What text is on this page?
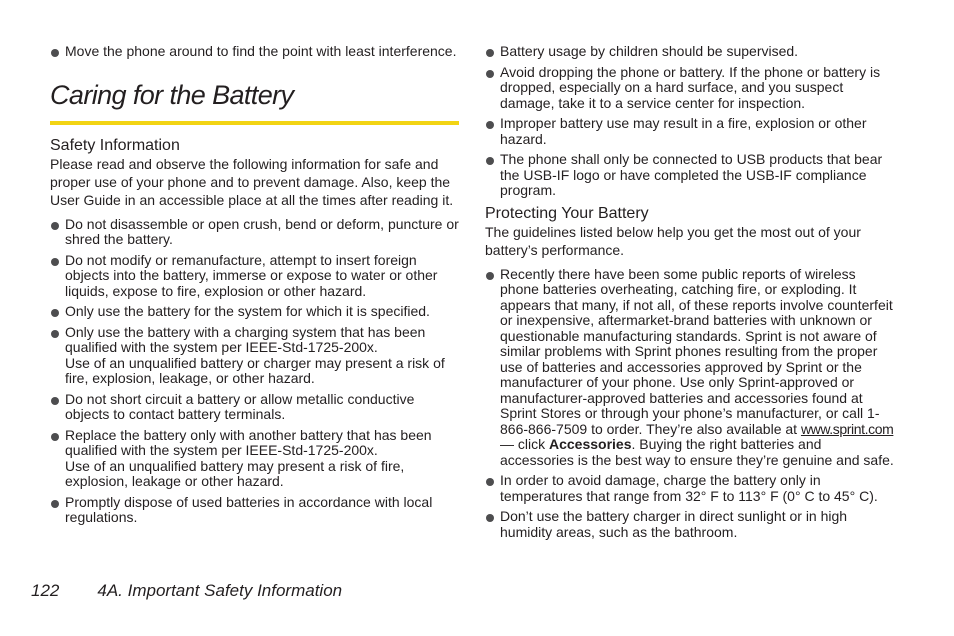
Move the phone around to find the point with least interference.
Caring for the Battery
Safety Information

Please read and observe the following information for safe and proper use of your phone and to prevent damage. Also, keep the User Guide in an accessible place at all the times after reading it.

Do not disassemble or open crush, bend or deform, puncture or shred the battery.
Do not modify or remanufacture, attempt to insert foreign objects into the battery, immerse or expose to water or other liquids, expose to fire, explosion or other hazard.
Only use the battery for the system for which it is specified.
Only use the battery with a charging system that has been qualified with the system per IEEE-Std-1725-200x.
Use of an unqualified battery or charger may present a risk of fire, explosion, leakage, or other hazard.
Do not short circuit a battery or allow metallic conductive objects to contact battery terminals.
Replace the battery only with another battery that has been qualified with the system per IEEE-Std-1725-200x.
Use of an unqualified battery may present a risk of fire, explosion, leakage or other hazard.
Promptly dispose of used batteries in accordance with local regulations.
Battery usage by children should be supervised.
Avoid dropping the phone or battery. If the phone or battery is dropped, especially on a hard surface, and you suspect damage, take it to a service center for inspection.
Improper battery use may result in a fire, explosion or other hazard.
The phone shall only be connected to USB products that bear the USB-IF logo or have completed the USB-IF compliance program.
Protecting Your Battery

The guidelines listed below help you get the most out of your battery’s performance.

Recently there have been some public reports of wireless phone batteries overheating, catching fire, or exploding. It appears that many, if not all, of these reports involve counterfeit or inexpensive, aftermarket-brand batteries with unknown or questionable manufacturing standards. Sprint is not aware of similar problems with Sprint phones resulting from the proper use of batteries and accessories approved by Sprint or the manufacturer of your phone. Use only Sprint-approved or manufacturer-approved batteries and accessories found at Sprint Stores or through your phone’s manufacturer, or call 1-866-866-7509 to order. They’re also available at www.sprint.com — click Accessories. Buying the right batteries and accessories is the best way to ensure they’re genuine and safe.
In order to avoid damage, charge the battery only in temperatures that range from 32° F to 113° F (0° C to 45° C).
Don’t use the battery charger in direct sunlight or in high humidity areas, such as the bathroom.
122 4A. Important Safety Information
